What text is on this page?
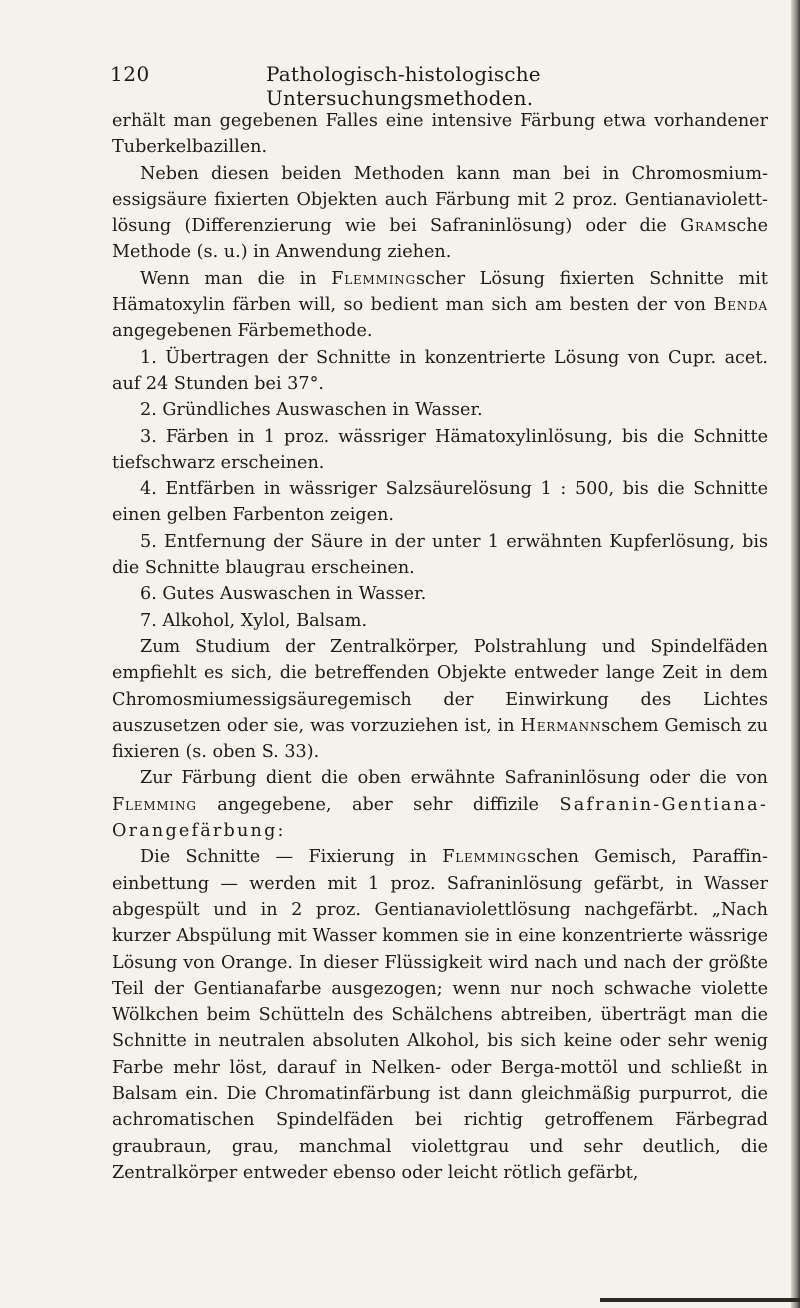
120	Pathologisch-histologische Untersuchungsmethoden.

erhält man gegebenen Falles eine intensive Färbung etwa vorhandener Tuberkelbazillen.

Neben diesen beiden Methoden kann man bei in Chromosmium-essigsäure fixierten Objekten auch Färbung mit 2 proz. Gentianaviolett-lösung (Differenzierung wie bei Safraninlösung) oder die Gramsche Methode (s. u.) in Anwendung ziehen.

Wenn man die in Flemmingscher Lösung fixierten Schnitte mit Hämatoxylin färben will, so bedient man sich am besten der von Benda angegebenen Färbemethode.

1. Übertragen der Schnitte in konzentrierte Lösung von Cupr. acet. auf 24 Stunden bei 37°.

2. Gründliches Auswaschen in Wasser.

3. Färben in 1 proz. wässriger Hämatoxylinlösung, bis die Schnitte tiefschwarz erscheinen.

4. Entfärben in wässriger Salzsäurelösung 1 : 500, bis die Schnitte einen gelben Farbenton zeigen.

5. Entfernung der Säure in der unter 1 erwähnten Kupferlösung, bis die Schnitte blaugrau erscheinen.

6. Gutes Auswaschen in Wasser.

7. Alkohol, Xylol, Balsam.

Zum Studium der Zentralkörper, Polstrahlung und Spindelfäden empfiehlt es sich, die betreffenden Objekte entweder lange Zeit in dem Chromosmiumessigsäuregemisch der Einwirkung des Lichtes auszusetzen oder sie, was vorzuziehen ist, in Hermannschem Gemisch zu fixieren (s. oben S. 33).

Zur Färbung dient die oben erwähnte Safraninlösung oder die von Flemming angegebene, aber sehr diffizile Safranin-Gentiana-Orangefärbung:

Die Schnitte — Fixierung in Flemmingschen Gemisch, Paraffin-einbettung — werden mit 1 proz. Safraninlösung gefärbt, in Wasser abgespült und in 2 proz. Gentianaviolettlösung nachgefärbt. „Nach kurzer Abspülung mit Wasser kommen sie in eine konzentrierte wässrige Lösung von Orange. In dieser Flüssigkeit wird nach und nach der größte Teil der Gentianafarbe ausgezogen; wenn nur noch schwache violette Wölkchen beim Schütteln des Schälchens abtreiben, überträgt man die Schnitte in neutralen absoluten Alkohol, bis sich keine oder sehr wenig Farbe mehr löst, darauf in Nelken- oder Berga-mottöl und schließt in Balsam ein. Die Chromatinfärbung ist dann gleichmäßig purpurrot, die achromatischen Spindelfäden bei richtig getroffenem Färbegrad graubraun, grau, manchmal violettgrau und sehr deutlich, die Zentralkörper entweder ebenso oder leicht rötlich gefärbt,
